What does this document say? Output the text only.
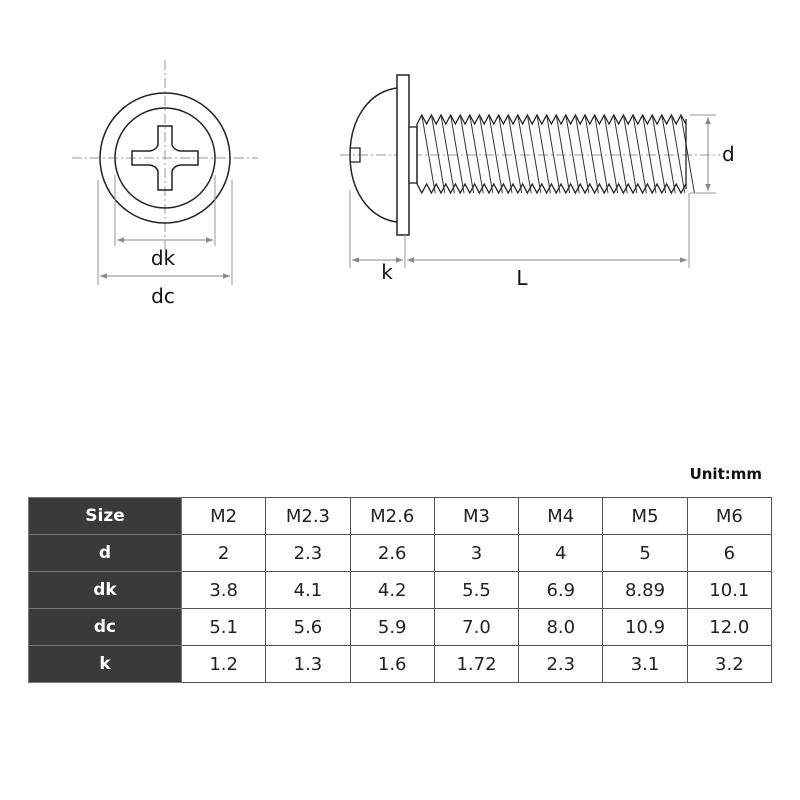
dk
dc
d
k	L
Unit:mm
Size	M2	M2.3	M2.6	M3	M4	M5	M6
d	2	2.3	2.6	3	4	5	6
dk	3.8	4.1	4.2	5.5	6.9	8.89	10.1
dc	5.1	5.6	5.9	7.0	8.0	10.9	12.0
k	1.2	1.3	1.6	1.72	2.3	3.1	3.2
